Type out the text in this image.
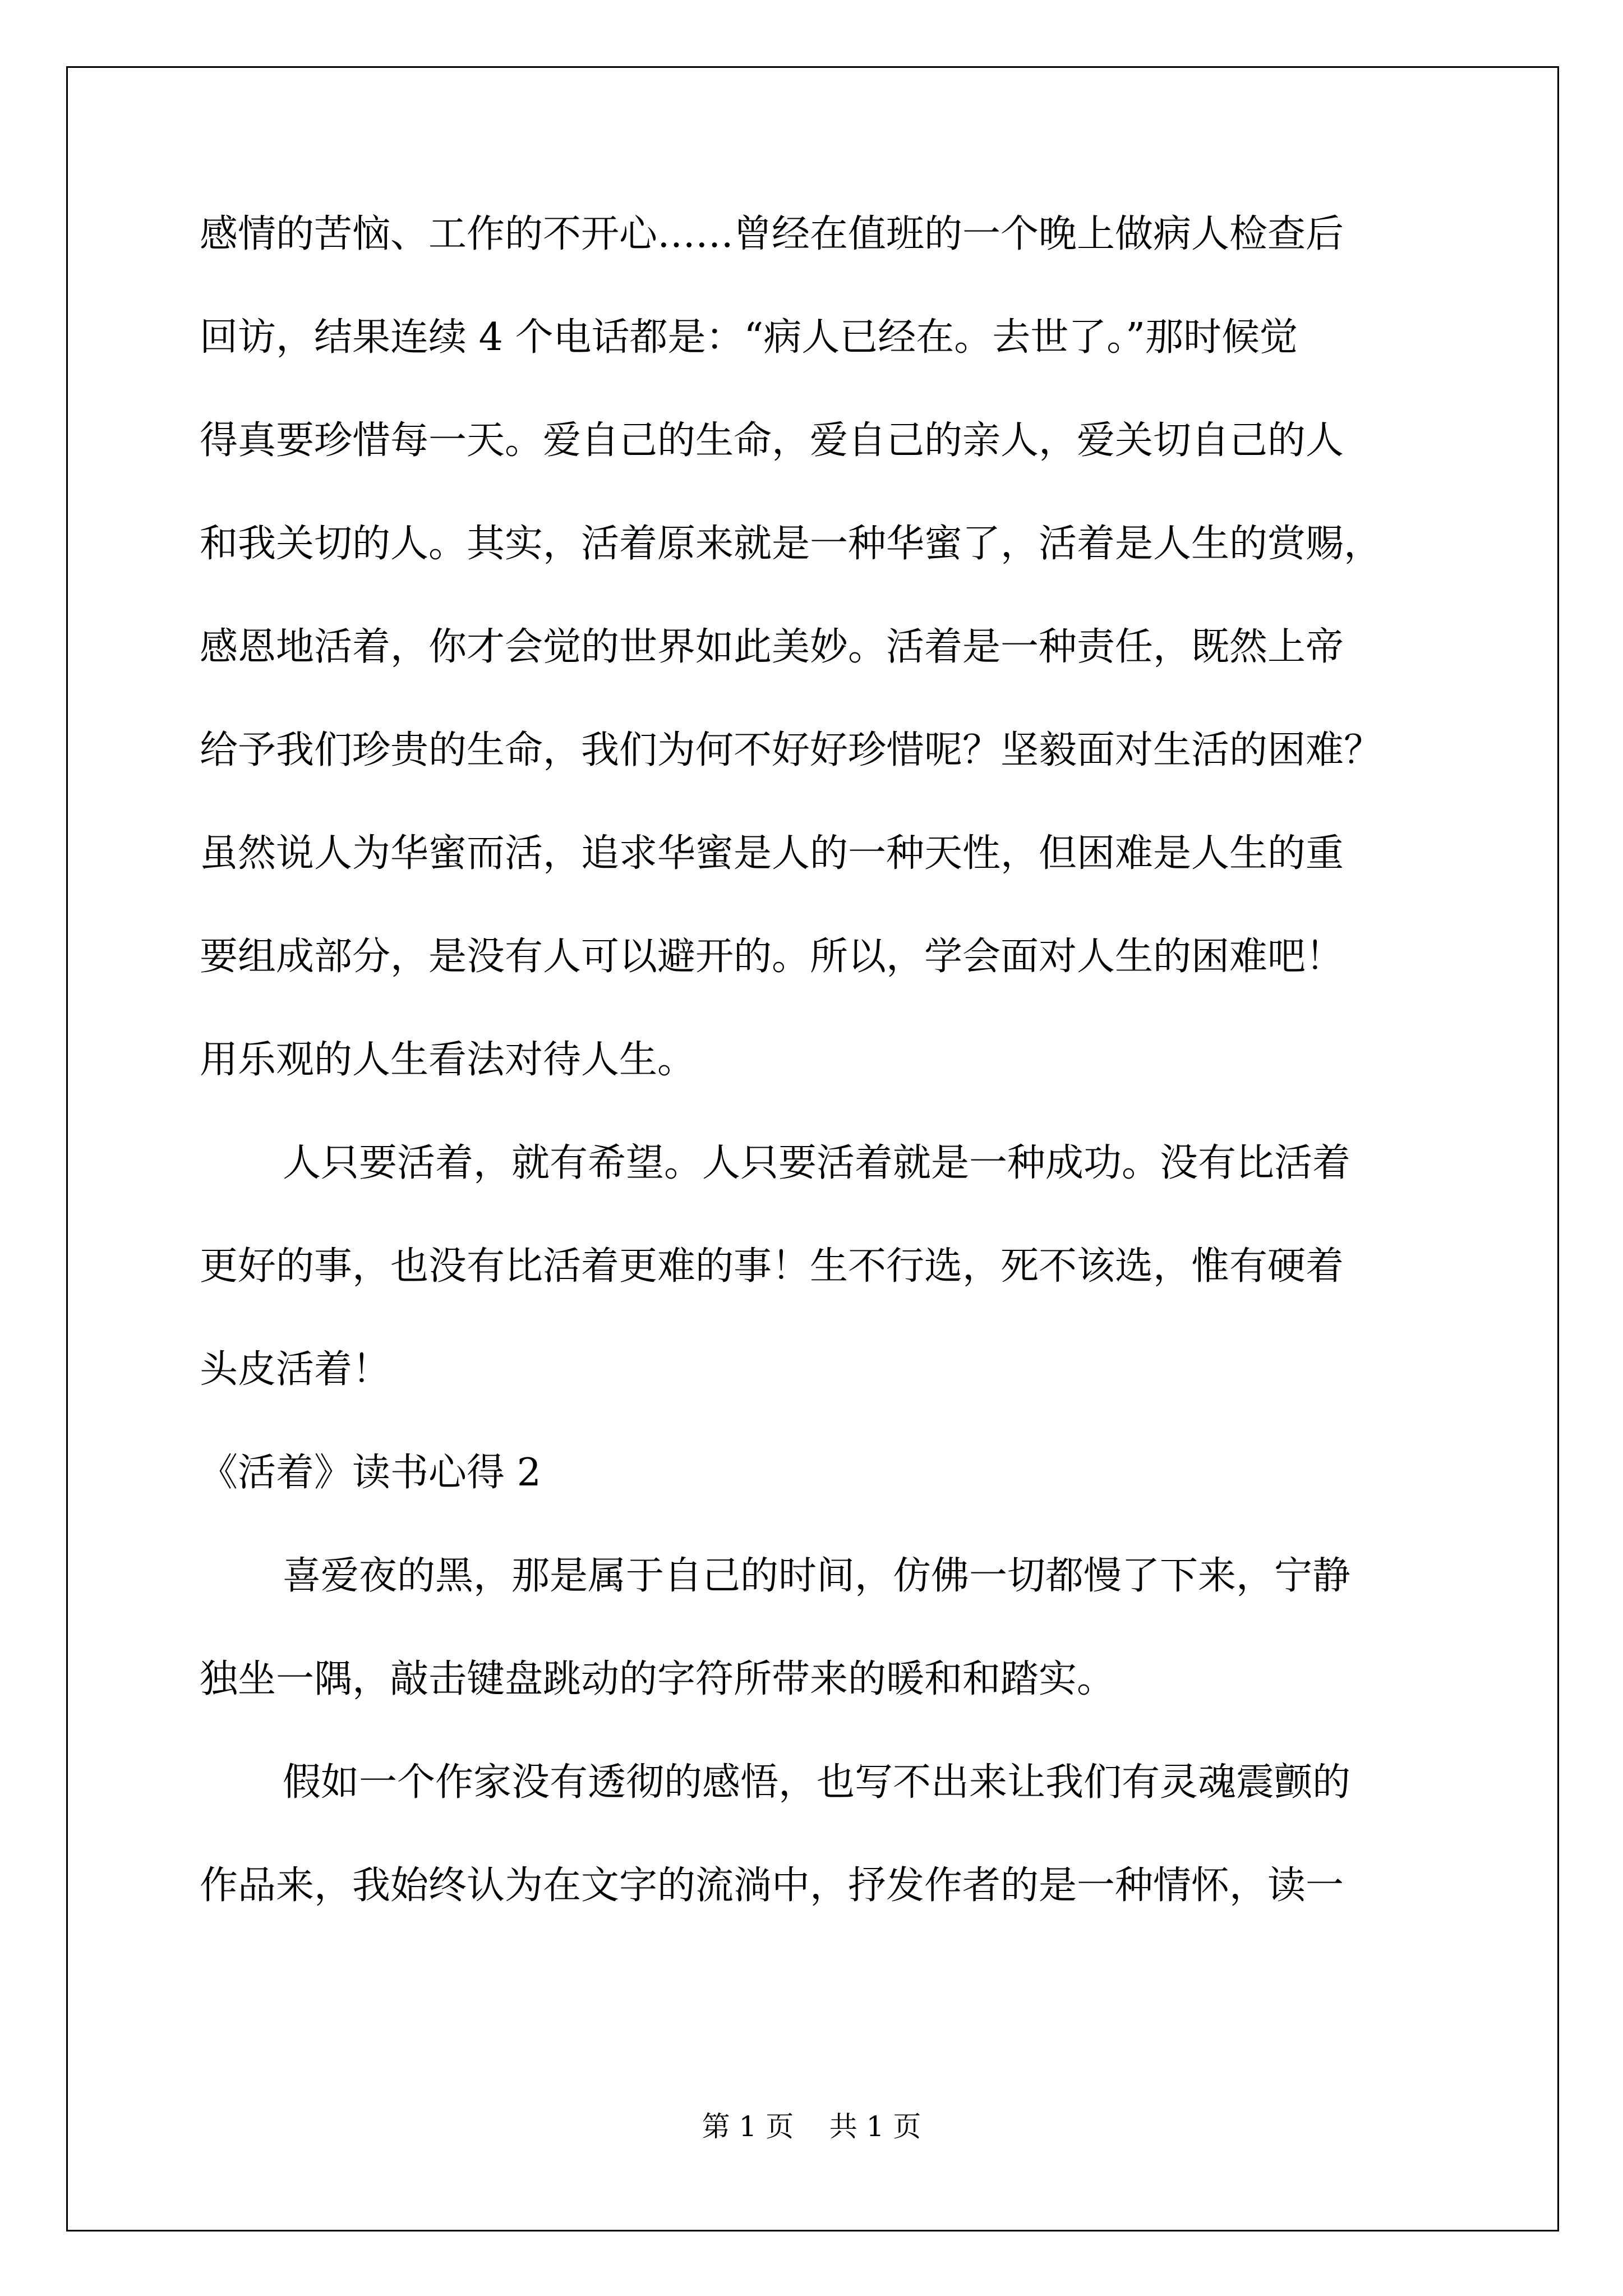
感情的苦恼、工作的不开心……曾经在值班的一个晚上做病人检查后
回访，结果连续 4 个电话都是：“病人已经在。去世了。”那时候觉
得真要珍惜每一天。爱自己的生命，爱自己的亲人，爱关切自己的人
和我关切的人。其实，活着原来就是一种华蜜了，活着是人生的赏赐，
感恩地活着，你才会觉的世界如此美妙。活着是一种责任，既然上帝
给予我们珍贵的生命，我们为何不好好珍惜呢？坚毅面对生活的困难？
虽然说人为华蜜而活，追求华蜜是人的一种天性，但困难是人生的重
要组成部分，是没有人可以避开的。所以，学会面对人生的困难吧！
用乐观的人生看法对待人生。
人只要活着，就有希望。人只要活着就是一种成功。没有比活着
更好的事，也没有比活着更难的事！生不行选，死不该选，惟有硬着
头皮活着！
《活着》读书心得 2
喜爱夜的黑，那是属于自己的时间，仿佛一切都慢了下来，宁静
独坐一隅，敲击键盘跳动的字符所带来的暖和和踏实。
假如一个作家没有透彻的感悟，也写不出来让我们有灵魂震颤的
作品来，我始终认为在文字的流淌中，抒发作者的是一种情怀，读一
第 1 页    共 1 页
